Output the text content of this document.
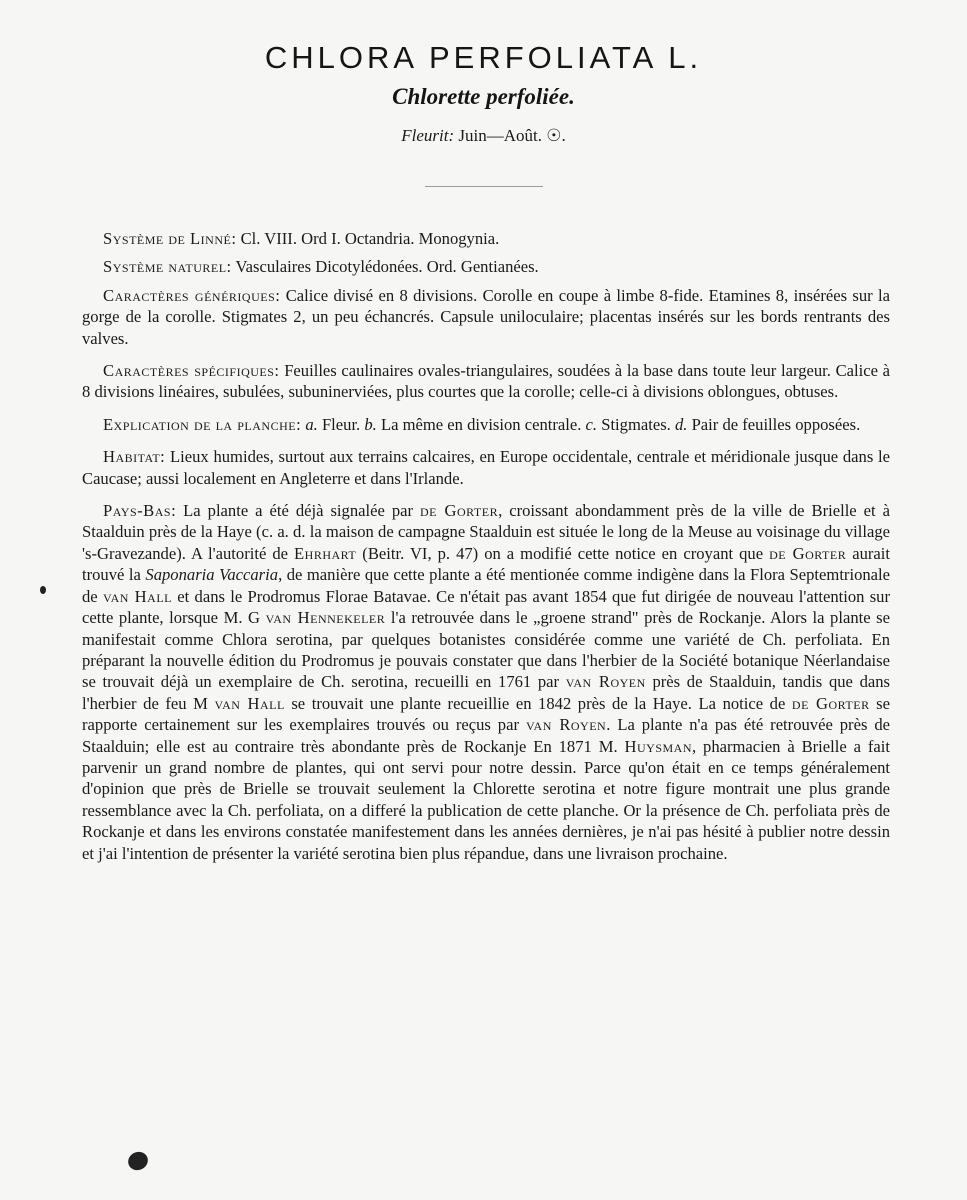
CHLORA PERFOLIATA L.
Chlorette perfoliée.
Fleurit: Juin—Août. ☉.

Système de Linné: Cl. VIII. Ord I. Octandria. Monogynia.

Système naturel: Vasculaires Dicotylédonées. Ord. Gentianées.

Caractères génériques: Calice divisé en 8 divisions. Corolle en coupe à limbe 8-fide. Etamines 8, insérées sur la gorge de la corolle. Stigmates 2, un peu échancrés. Capsule uniloculaire; placentas insérés sur les bords rentrants des valves.

Caractères spécifiques: Feuilles caulinaires ovales-triangulaires, soudées à la base dans toute leur largeur. Calice à 8 divisions linéaires, subulées, subuninerviées, plus courtes que la corolle; celle-ci à divisions oblongues, obtuses.

Explication de la planche: a. Fleur. b. La même en division centrale. c. Stigmates. d. Pair de feuilles opposées.

Habitat: Lieux humides, surtout aux terrains calcaires, en Europe occidentale, centrale et méridionale jusque dans le Caucase; aussi localement en Angleterre et dans l'Irlande.

Pays-Bas: La plante a été déjà signalée par de Gorter, croissant abondamment près de la ville de Brielle et à Staalduin près de la Haye (c. a. d. la maison de campagne Staalduin est située le long de la Meuse au voisinage du village 's-Gravezande). A l'autorité de Ehrhart (Beitr. VI, p. 47) on a modifié cette notice en croyant que de Gorter aurait trouvé la Saponaria Vaccaria, de manière que cette plante a été mentionée comme indigène dans la Flora Septemtrionale de van Hall et dans le Prodromus Florae Batavae. Ce n'était pas avant 1854 que fut dirigée de nouveau l'attention sur cette plante, lorsque M. G van Hennekeler l'a retrouvée dans le „groene strand" près de Rockanje. Alors la plante se manifestait comme Chlora serotina, par quelques botanistes considérée comme une variété de Ch. perfoliata. En préparant la nouvelle édition du Prodromus je pouvais constater que dans l'herbier de la Société botanique Néerlandaise se trouvait déjà un exemplaire de Ch. serotina, recueilli en 1761 par van Royen près de Staalduin, tandis que dans l'herbier de feu M van Hall se trouvait une plante recueillie en 1842 près de la Haye. La notice de de Gorter se rapporte certainement sur les exemplaires trouvés ou reçus par van Royen. La plante n'a pas été retrouvée près de Staalduin; elle est au contraire très abondante près de Rockanje En 1871 M. Huysman, pharmacien à Brielle a fait parvenir un grand nombre de plantes, qui ont servi pour notre dessin. Parce qu'on était en ce temps généralement d'opinion que près de Brielle se trouvait seulement la Chlorette serotina et notre figure montrait une plus grande ressemblance avec la Ch. perfoliata, on a differé la publication de cette planche. Or la présence de Ch. perfoliata près de Rockanje et dans les environs constatée manifestement dans les années dernières, je n'ai pas hésité à publier notre dessin et j'ai l'intention de présenter la variété serotina bien plus répandue, dans une livraison prochaine.
